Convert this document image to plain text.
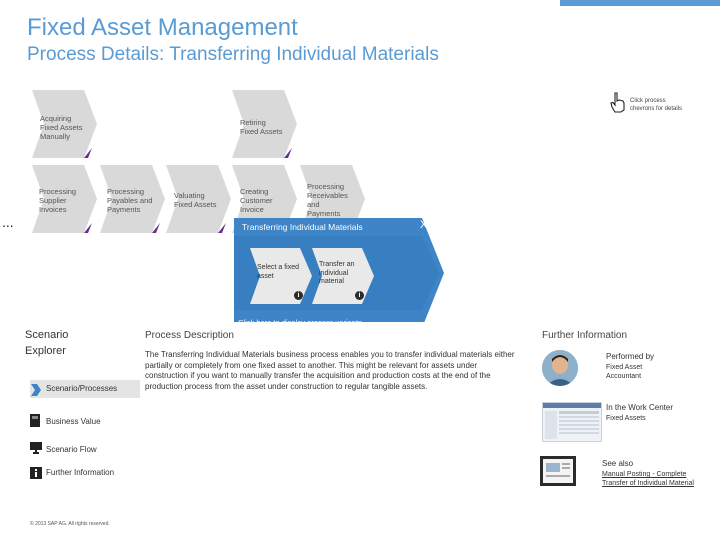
Fixed Asset Management
Process Details: Transferring Individual Materials
Click process
chevrons for details
Acquiring Fixed Assets Manually
Retiring Fixed Assets
Processing Supplier Invoices
Processing Payables and Payments
Valuating Fixed Assets
Creating Customer Invoice
Processing Receivables and Payments
...	Transferring Individual Materials	X
Select a fixed asset
i
Transfer an individual material
i
Click here to display process variants
Scenario
Explorer
Scenario/Processes
Business Value
Scenario Flow
Further Information
© 2013 SAP AG. All rights reserved.
Process Description
The Transferring Individual Materials business process enables you to transfer individual materials either partially or completely from one fixed asset to another. This might be relevant for assets under construction if you want to manually transfer the acquisition and production costs at the end of the production process from the asset under construction to regular tangible assets.
Further Information
Performed by
Fixed Asset Accountant
In the Work Center
Fixed Assets
See also
Manual Posting - Complete
Transfer of Individual Material
